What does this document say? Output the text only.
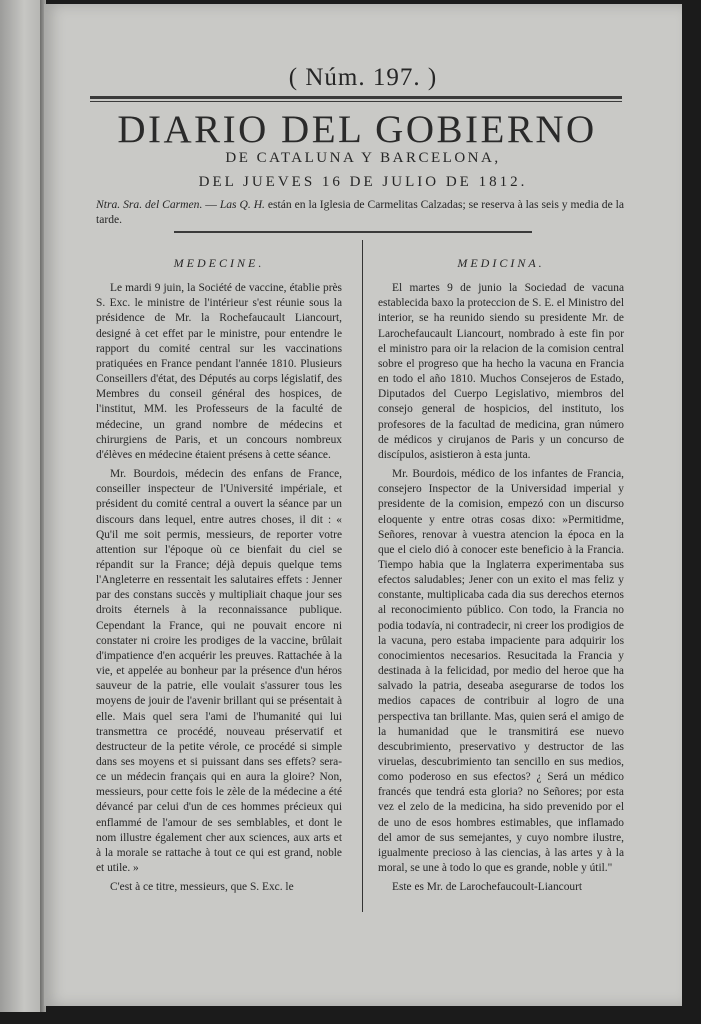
( Núm. 197. )
DIARIO DEL GOBIERNO
DE CATALUNA Y BARCELONA,
DEL JUEVES 16 DE JULIO DE 1812.
Ntra. Sra. del Carmen. — Las Q. H. están en la Iglesia de Carmelitas Calzadas; se reserva à las seis y media de la tarde.
MEDECINE.

Le mardi 9 juin, la Société de vaccine, établie près S. Exc. le ministre de l'intérieur s'est réunie sous la présidence de Mr. la Rochefaucault Liancourt, designé à cet effet par le ministre, pour entendre le rapport du comité central sur les vaccinations pratiquées en France pendant l'année 1810. Plusieurs Conseillers d'état, des Députés au corps législatif, des Membres du conseil général des hospices, de l'institut, MM. les Professeurs de la faculté de médecine, un grand nombre de médecins et chirurgiens de Paris, et un concours nombreux d'élèves en médecine étaient présens à cette séance.

Mr. Bourdois, médecin des enfans de France, conseiller inspecteur de l'Université impériale, et président du comité central a ouvert la séance par un discours dans lequel, entre autres choses, il dit : « Qu'il me soit permis, messieurs, de reporter votre attention sur l'époque où ce bienfait du ciel se répandit sur la France; déjà depuis quelque tems l'Angleterre en ressentait les salutaires effets : Jenner par des constans succès y multipliait chaque jour ses droits éternels à la reconnaissance publique. Cependant la France, qui ne pouvait encore ni constater ni croire les prodiges de la vaccine, brûlait d'impatience d'en acquérir les preuves. Rattachée à la vie, et appelée au bonheur par la présence d'un héros sauveur de la patrie, elle voulait s'assurer tous les moyens de jouir de l'avenir brillant qui se présentait à elle. Mais quel sera l'ami de l'humanité qui lui transmettra ce procédé, nouveau préservatif et destructeur de la petite vérole, ce procédé si simple dans ses moyens et si puissant dans ses effets? sera-ce un médecin français qui en aura la gloire? Non, messieurs, pour cette fois le zèle de la médecine a été dévancé par celui d'un de ces hommes précieux qui enflammé de l'amour de ses semblables, et dont le nom illustre également cher aux sciences, aux arts et à la morale se rattache à tout ce qui est grand, noble et utile. »

C'est à ce titre, messieurs, que S. Exc. le

MEDICINA.

El martes 9 de junio la Sociedad de vacuna establecida baxo la proteccion de S. E. el Ministro del interior, se ha reunido siendo su presidente Mr. de Larochefaucault Liancourt, nombrado à este fin por el ministro para oir la relacion de la comision central sobre el progreso que ha hecho la vacuna en Francia en todo el año 1810. Muchos Consejeros de Estado, Diputados del Cuerpo Legislativo, miembros del consejo general de hospicios, del instituto, los profesores de la facultad de medicina, gran número de médicos y cirujanos de Paris y un concurso de discípulos, asistieron à esta junta.

Mr. Bourdois, médico de los infantes de Francia, consejero Inspector de la Universidad imperial y presidente de la comision, empezó con un discurso eloquente y entre otras cosas dixo: »Permitidme, Señores, renovar à vuestra atencion la época en la que el cielo dió à conocer este beneficio à la Francia. Tiempo habia que la Inglaterra experimentaba sus efectos saludables; Jener con un exito el mas feliz y constante, multiplicaba cada dia sus derechos eternos al reconocimiento público. Con todo, la Francia no podia todavía, ni contradecir, ni creer los prodigios de la vacuna, pero estaba impaciente para adquirir los conocimientos necesarios. Resucitada la Francia y destinada à la felicidad, por medio del heroe que ha salvado la patria, deseaba asegurarse de todos los medios capaces de contribuir al logro de una perspectiva tan brillante. Mas, quien será el amigo de la humanidad que le transmitirá ese nuevo descubrimiento, preservativo y destructor de las viruelas, descubrimiento tan sencillo en sus medios, como poderoso en sus efectos? ¿ Será un médico francés que tendrá esta gloria? no Señores; por esta vez el zelo de la medicina, ha sido prevenido por el de uno de esos hombres estimables, que inflamado del amor de sus semejantes, y cuyo nombre ilustre, igualmente precioso à las ciencias, à las artes y à la moral, se une à todo lo que es grande, noble y útil."

Este es Mr. de Larochefaucoult-Liancourt
